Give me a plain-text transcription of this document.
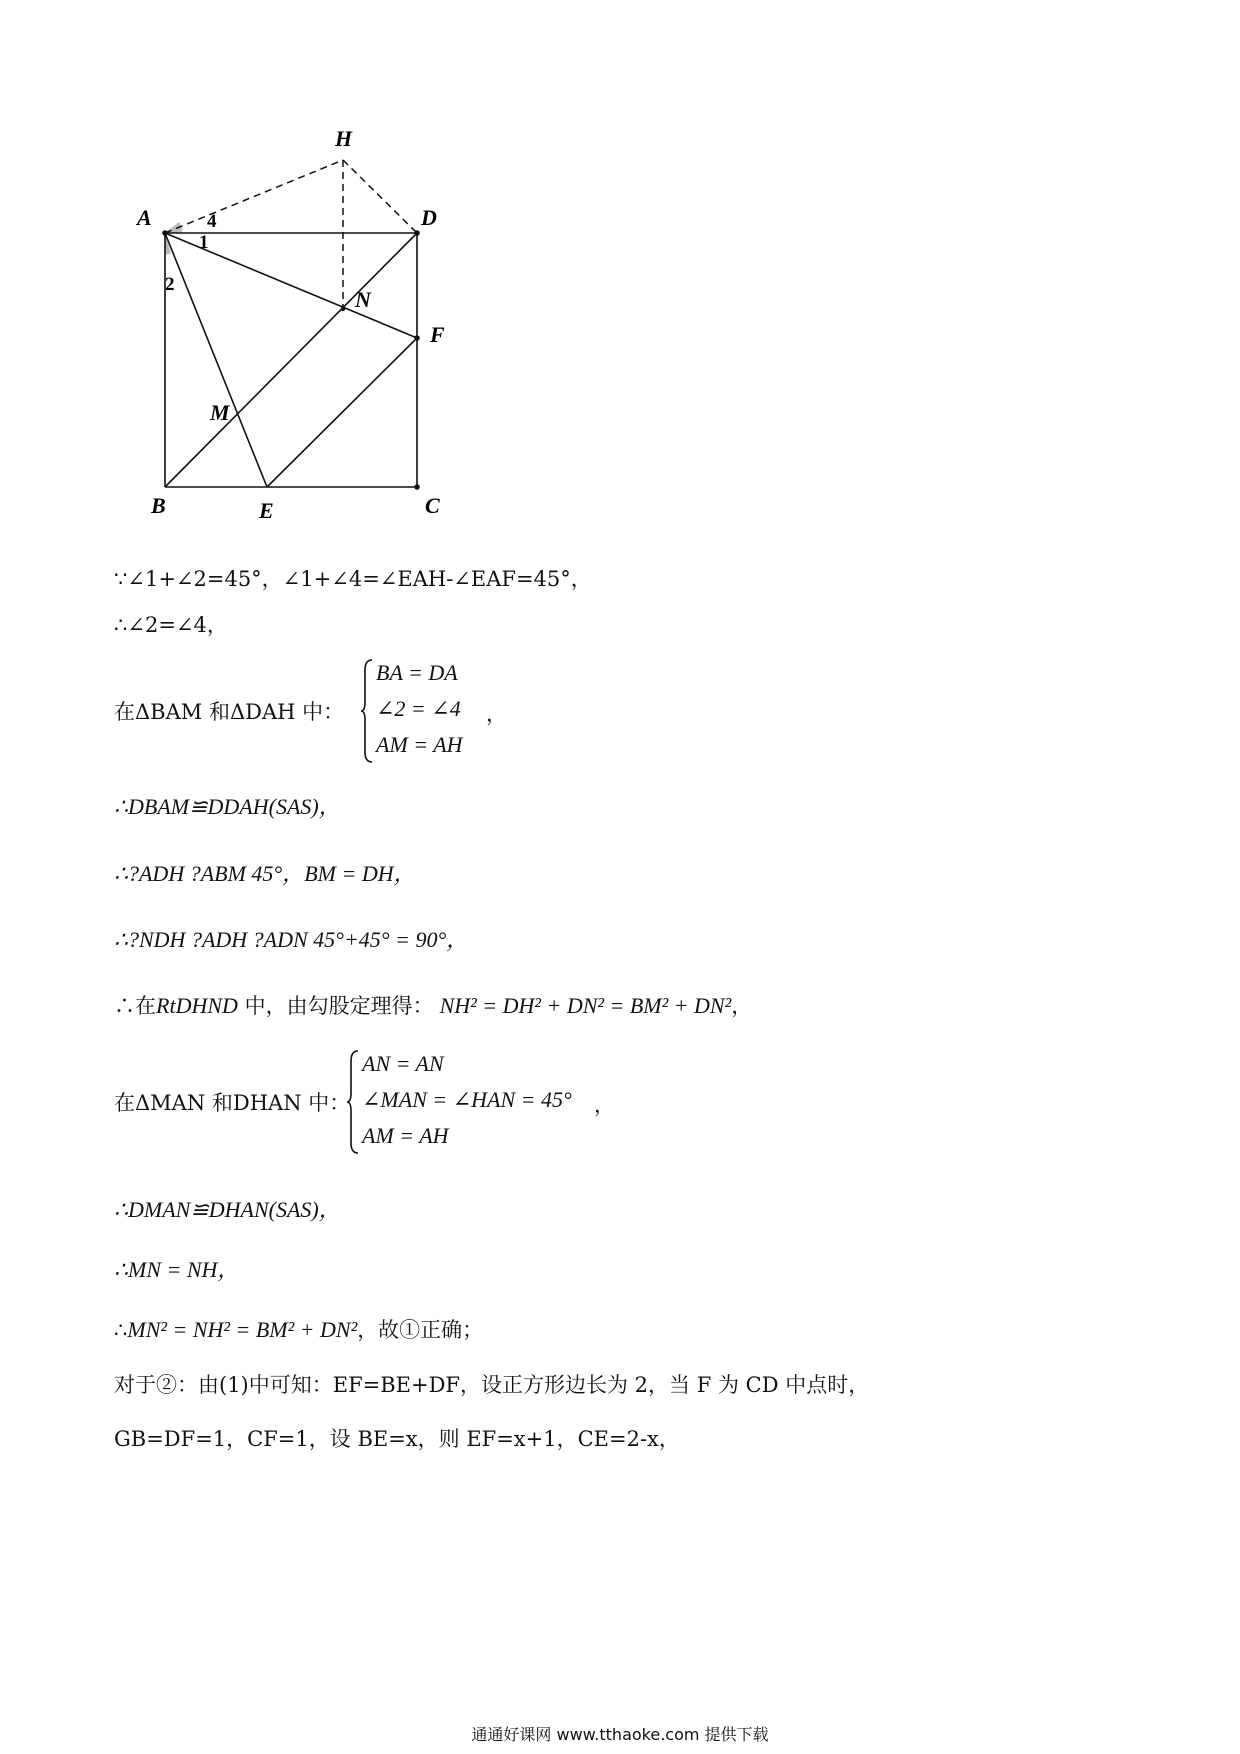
H
A	D
N
F
M
B	E	C
4
1
2
∵∠1+∠2=45°，∠1+∠4=∠EAH-∠EAF=45°，
∴∠2=∠4，
在ΔBAM 和ΔDAH 中：
BA = DA
∠2 = ∠4
AM = AH
，
∴DBAM≌DDAH(SAS)，
∴?ADH ?ABM 45°，BM = DH，
∴?NDH ?ADH ?ADN 45°+45° = 90°，
∴在RtDHND 中，由勾股定理得： NH² = DH² + DN² = BM² + DN²，
在ΔMAN 和DHAN 中：
AN = AN
∠MAN = ∠HAN = 45°
AM = AH
，
∴DMAN≌DHAN(SAS)，
∴MN = NH，
∴MN² = NH² = BM² + DN²，故①正确；
对于②：由(1)中可知：EF=BE+DF，设正方形边长为 2，当 F 为 CD 中点时，
GB=DF=1，CF=1，设 BE=x，则 EF=x+1，CE=2-x，
通通好课网 www.tthaoke.com 提供下载
